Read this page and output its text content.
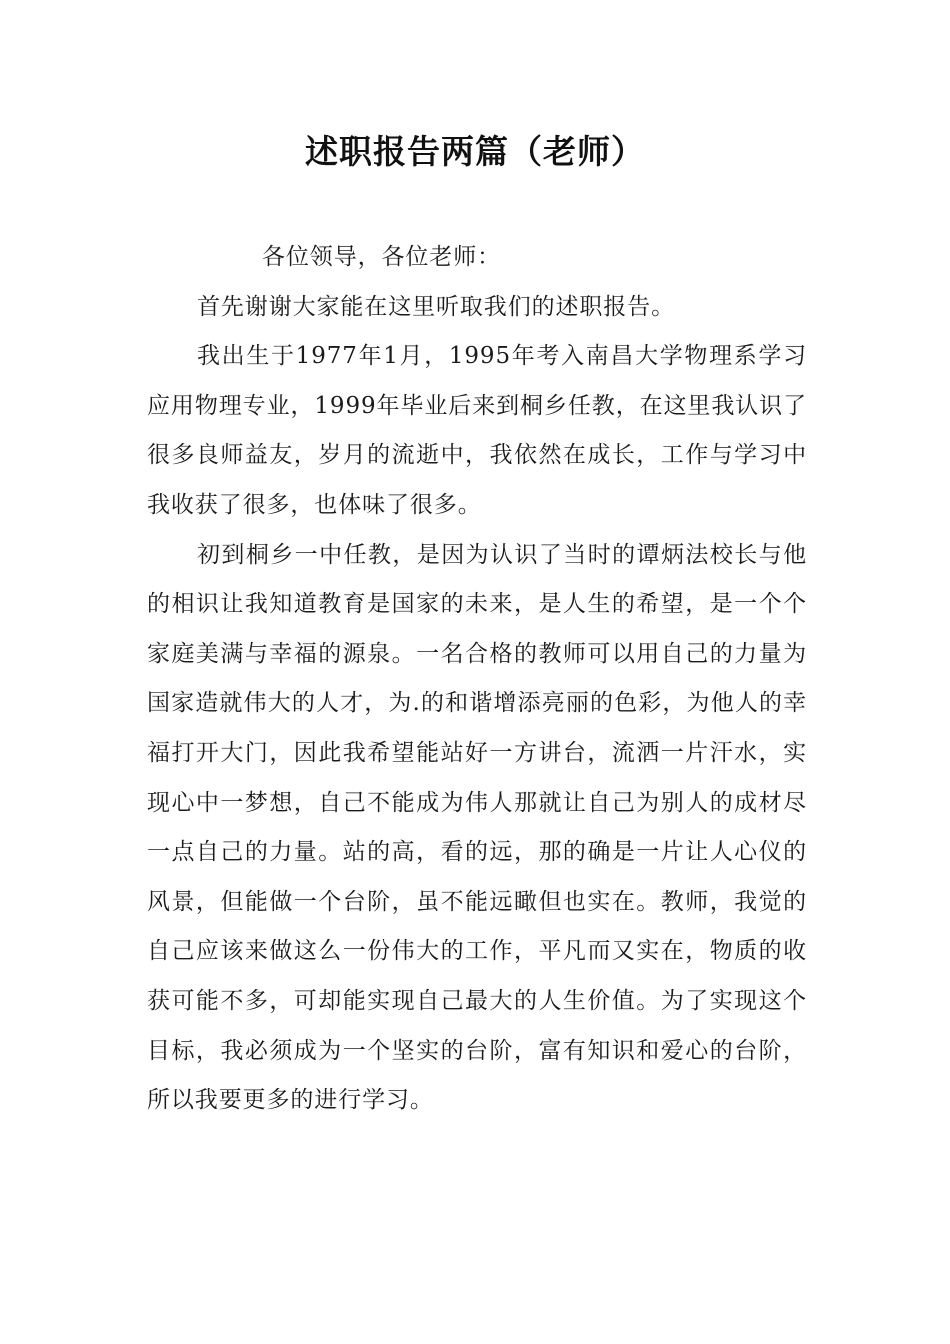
述职报告两篇（老师）

各位领导，各位老师：

首先谢谢大家能在这里听取我们的述职报告。

我出生于1977年1月，1995年考入南昌大学物理系学习应用物理专业，1999年毕业后来到桐乡任教，在这里我认识了很多良师益友，岁月的流逝中，我依然在成长，工作与学习中我收获了很多，也体味了很多。

初到桐乡一中任教，是因为认识了当时的谭炳法校长与他的相识让我知道教育是国家的未来，是人生的希望，是一个个家庭美满与幸福的源泉。一名合格的教师可以用自己的力量为国家造就伟大的人才，为.的和谐增添亮丽的色彩，为他人的幸福打开大门，因此我希望能站好一方讲台，流洒一片汗水，实现心中一梦想，自己不能成为伟人那就让自己为别人的成材尽一点自己的力量。站的高，看的远，那的确是一片让人心仪的风景，但能做一个台阶，虽不能远瞰但也实在。教师，我觉的自己应该来做这么一份伟大的工作，平凡而又实在，物质的收获可能不多，可却能实现自己最大的人生价值。为了实现这个目标，我必须成为一个坚实的台阶，富有知识和爱心的台阶，所以我要更多的进行学习。
